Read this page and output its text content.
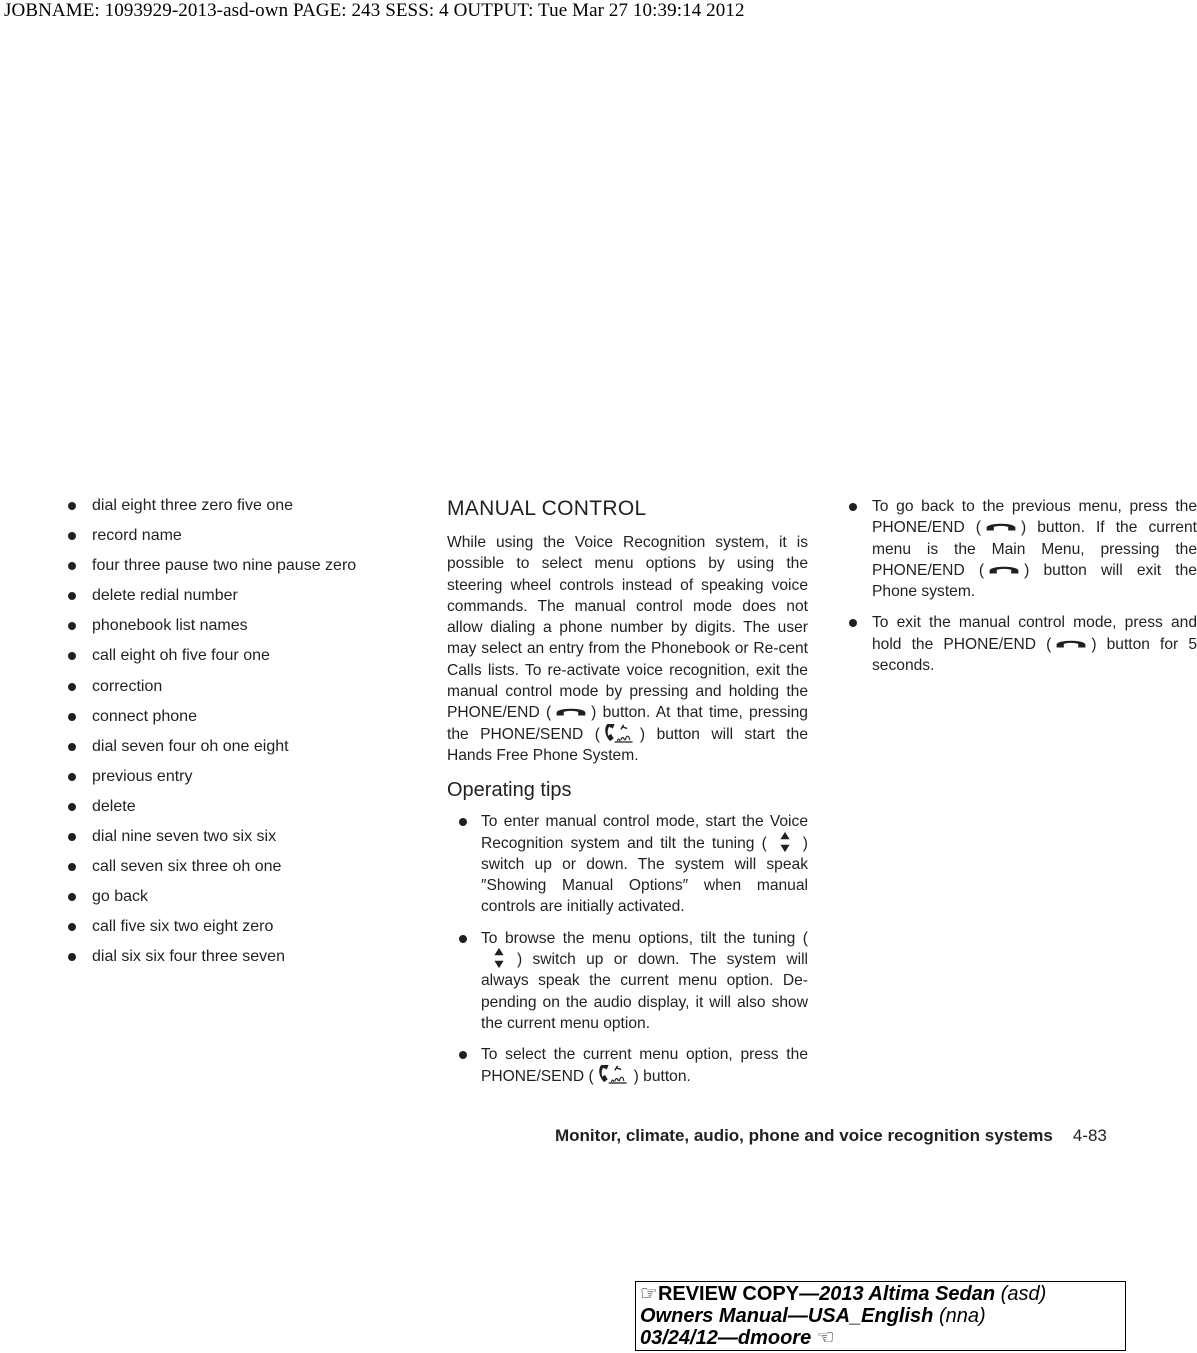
JOBNAME: 1093929-2013-asd-own PAGE: 243 SESS: 4 OUTPUT: Tue Mar 27 10:39:14 2012
dial eight three zero five one
record name
four three pause two nine pause zero
delete redial number
phonebook list names
call eight oh five four one
correction
connect phone
dial seven four oh one eight
previous entry
delete
dial nine seven two six six
call seven six three oh one
go back
call five six two eight zero
dial six six four three seven
MANUAL CONTROL

While using the Voice Recognition system, it is possible to select menu options by using the steering wheel controls instead of speaking voice commands. The manual control mode does not allow dialing a phone number by digits. The user may select an entry from the Phonebook or Re-cent Calls lists. To re-activate voice recognition, exit the manual control mode by pressing and holding the PHONE/END (	) button. At that time, pressing the PHONE/SEND (	) button will start the Hands Free Phone System.

Operating tips
To enter manual control mode, start the Voice Recognition system and tilt the tuning ( ) switch up or down. The system will speak ″Showing Manual Options″ when manual controls are initially activated.
To browse the menu options, tilt the tuning () switch up or down. The system will always speak the current menu option. De-pending on the audio display, it will also show the current menu option.
To select the current menu option, press the PHONE/SEND (	) button.
To go back to the previous menu, press the PHONE/END (	) button. If the current menu is the Main Menu, pressing the PHONE/END (	) button will exit the Phone system.
To exit the manual control mode, press and hold the PHONE/END (	) button for 5 seconds.
Monitor, climate, audio, phone and voice recognition systems 4-83
☞REVIEW COPY—2013 Altima Sedan (asd)
Owners Manual—USA_English (nna)
03/24/12—dmoore ☜
